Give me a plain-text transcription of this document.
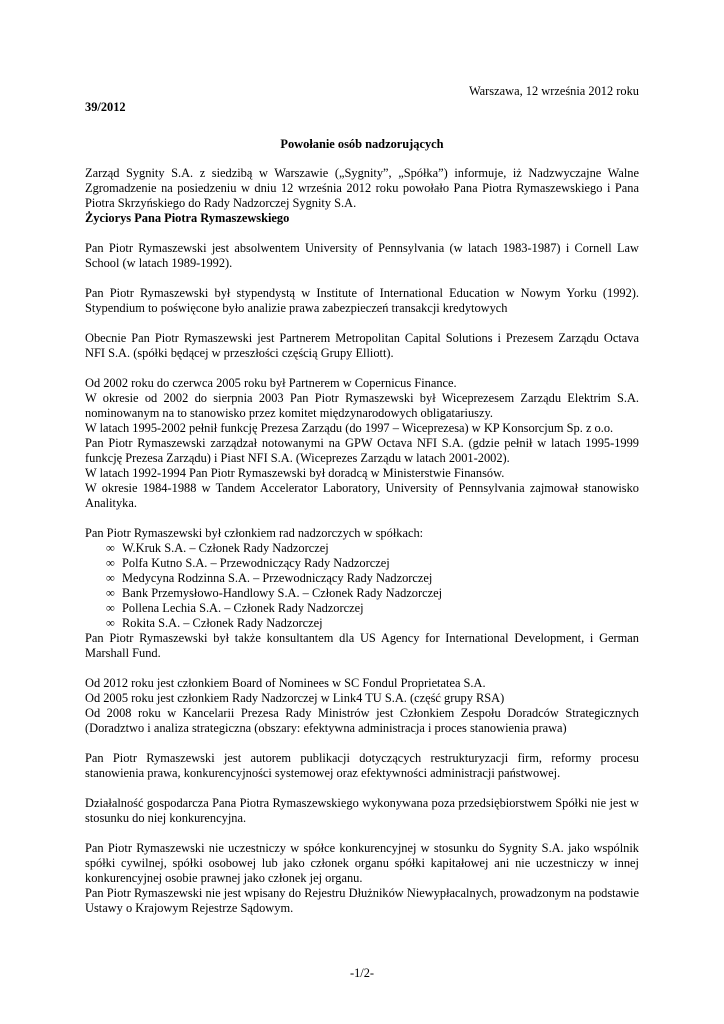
Warszawa, 12 września 2012 roku

39/2012

Powołanie osób nadzorujących

Zarząd Sygnity S.A. z siedzibą w Warszawie („Sygnity”, „Spółka”) informuje, iż Nadzwyczajne Walne Zgromadzenie na posiedzeniu w dniu 12 września 2012 roku powołało Pana Piotra Rymaszewskiego i Pana Piotra Skrzyńskiego do Rady Nadzorczej Sygnity S.A.

Życiorys Pana Piotra Rymaszewskiego

Pan Piotr Rymaszewski jest absolwentem University of Pennsylvania (w latach 1983-1987) i Cornell Law School (w latach 1989-1992).

Pan Piotr Rymaszewski był stypendystą w Institute of International Education w Nowym Yorku (1992). Stypendium to poświęcone było analizie prawa zabezpieczeń transakcji kredytowych

Obecnie Pan Piotr Rymaszewski jest Partnerem Metropolitan Capital Solutions i Prezesem Zarządu Octava NFI S.A. (spółki będącej w przeszłości częścią Grupy Elliott).

Od 2002 roku do czerwca 2005 roku był Partnerem w Copernicus Finance.

W okresie od 2002 do sierpnia 2003 Pan Piotr Rymaszewski był Wiceprezesem Zarządu Elektrim S.A. nominowanym na to stanowisko przez komitet międzynarodowych obligatariuszy.

W latach 1995-2002 pełnił funkcję Prezesa Zarządu (do 1997 – Wiceprezesa) w KP Konsorcjum Sp. z o.o.

Pan Piotr Rymaszewski zarządzał notowanymi na GPW Octava NFI S.A. (gdzie pełnił w latach 1995-1999 funkcję Prezesa Zarządu) i Piast NFI S.A. (Wiceprezes Zarządu w latach 2001-2002).

W latach 1992-1994 Pan Piotr Rymaszewski był doradcą w Ministerstwie Finansów.

W okresie 1984-1988 w Tandem Accelerator Laboratory, University of Pennsylvania zajmował stanowisko Analityka.

Pan Piotr Rymaszewski był członkiem rad nadzorczych w spółkach:

∞ W.Kruk S.A. – Członek Rady Nadzorczej
∞ Polfa Kutno S.A. – Przewodniczący Rady Nadzorczej
∞ Medycyna Rodzinna S.A. – Przewodniczący Rady Nadzorczej
∞ Bank Przemysłowo-Handlowy S.A. – Członek Rady Nadzorczej
∞ Pollena Lechia S.A. – Członek Rady Nadzorczej
∞ Rokita S.A. – Członek Rady Nadzorczej

Pan Piotr Rymaszewski był także konsultantem dla US Agency for International Development, i German Marshall Fund.

Od 2012 roku jest członkiem Board of Nominees w SC Fondul Proprietatea S.A.

Od 2005 roku jest członkiem Rady Nadzorczej w Link4 TU S.A. (część grupy RSA)

Od 2008 roku w Kancelarii Prezesa Rady Ministrów jest Członkiem Zespołu Doradców Strategicznych (Doradztwo i analiza strategiczna (obszary: efektywna administracja i proces stanowienia prawa)

Pan Piotr Rymaszewski jest autorem publikacji dotyczących restrukturyzacji firm, reformy procesu stanowienia prawa, konkurencyjności systemowej oraz efektywności administracji państwowej.

Działalność gospodarcza Pana Piotra Rymaszewskiego wykonywana poza przedsiębiorstwem Spółki nie jest w stosunku do niej konkurencyjna.

Pan Piotr Rymaszewski nie uczestniczy w spółce konkurencyjnej w stosunku do Sygnity S.A. jako wspólnik spółki cywilnej, spółki osobowej lub jako członek organu spółki kapitałowej ani nie uczestniczy w innej konkurencyjnej osobie prawnej jako członek jej organu.

Pan Piotr Rymaszewski nie jest wpisany do Rejestru Dłużników Niewypłacalnych, prowadzonym na podstawie Ustawy o Krajowym Rejestrze Sądowym.

-1/2-
